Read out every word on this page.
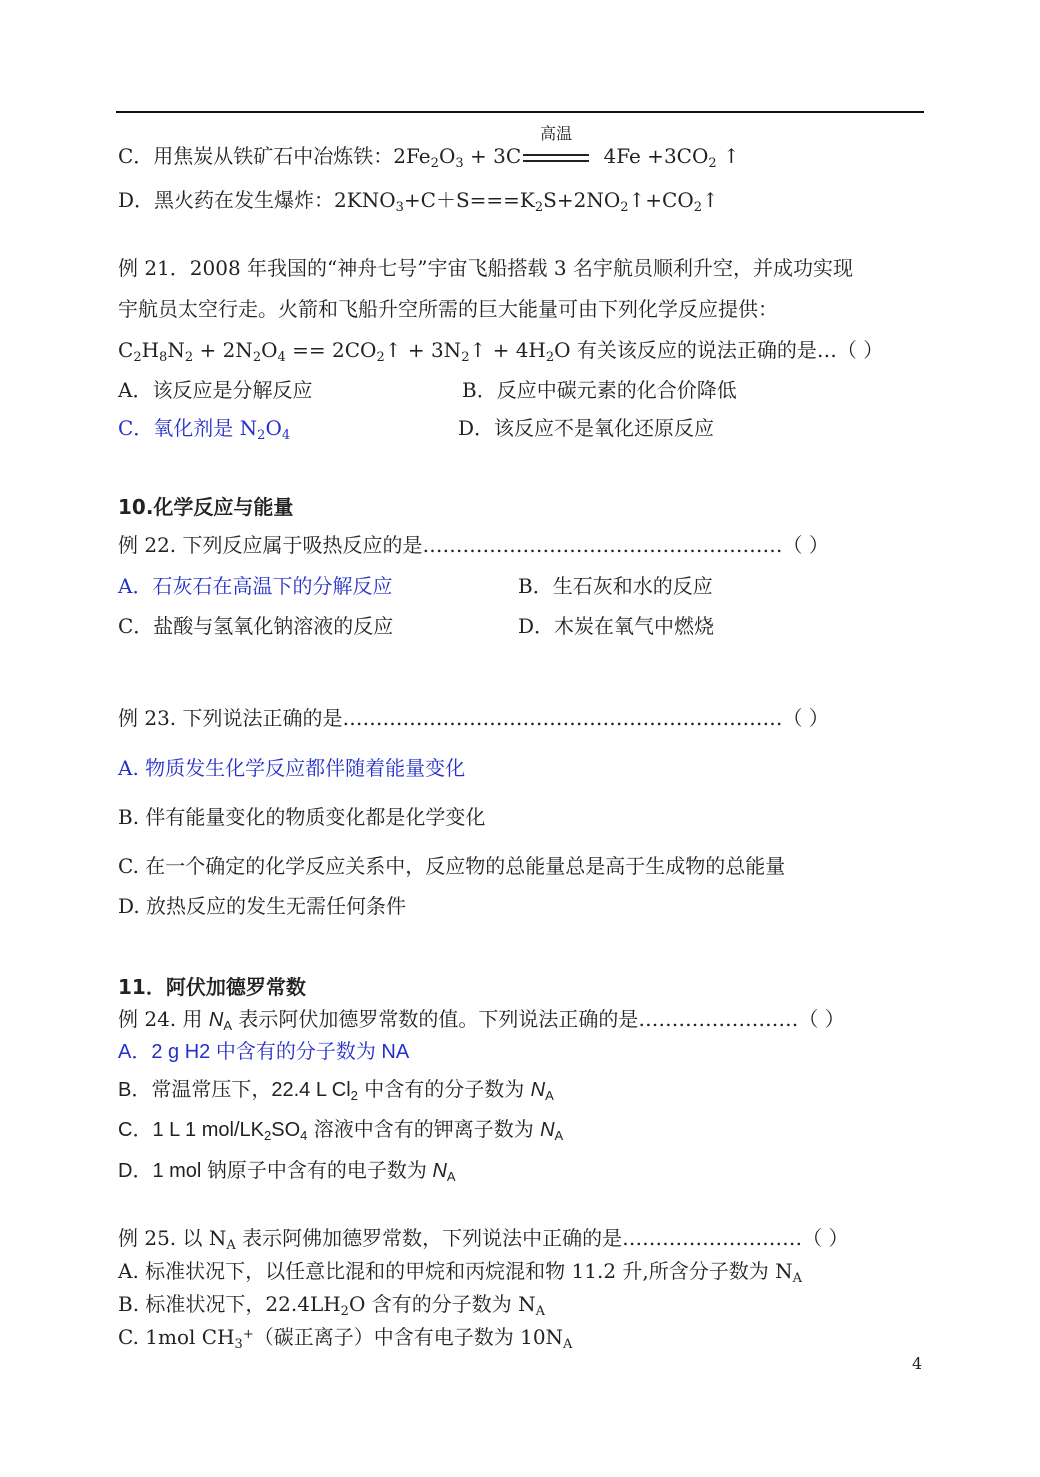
C．用焦炭从铁矿石中冶炼铁：$2Fe_2O_3 + 3C$
高温
$4Fe +3CO_2$ ↑
D．黑火药在发生爆炸：$2KNO_3+C+S===K_2S+2NO_2↑+CO_2↑$
例 21．2008 年我国的“神舟七号”宇宙飞船搭载 3 名宇航员顺利升空，并成功实现
宇航员太空行走。火箭和飞船升空所需的巨大能量可由下列化学反应提供：
$C_2H_8N_2 + 2N_2O_4$ == $2CO_2↑$ + $3N_2↑ + 4H_2O$ 有关该反应的说法正确的是…（ ）
A．该反应是分解反应	B．反应中碳元素的化合价降低
C．氧化剂是 $N_2O_4$	D．该反应不是氧化还原反应
10.化学反应与能量
例 22. 下列反应属于吸热反应的是………………………………………………（ ）
A．石灰石在高温下的分解反应	B．生石灰和水的反应
C．盐酸与氢氧化钠溶液的反应	D．木炭在氧气中燃烧
例 23. 下列说法正确的是…………………………………………………………（ ）
A. 物质发生化学反应都伴随着能量变化
B. 伴有能量变化的物质变化都是化学变化
C. 在一个确定的化学反应关系中，反应物的总能量总是高于生成物的总能量
D. 放热反应的发生无需任何条件
11．阿伏加德罗常数
例 24. 用 $N_A$ 表示阿伏加德罗常数的值。下列说法正确的是……………………（ ）
A．2 g H2 中含有的分子数为 NA
B．常温常压下，22.4 L $Cl_2$ 中含有的分子数为 $N_A$
C．1 L 1 mol/$LK_2SO_4$ 溶液中含有的钾离子数为 $N_A$
D．1 mol 钠原子中含有的电子数为 $N_A$
例 25. 以 $N_A$ 表示阿佛加德罗常数，下列说法中正确的是………………………（ ）
A. 标准状况下，以任意比混和的甲烷和丙烷混和物 11.2 升,所含分子数为 $N_A$
B. 标准状况下，$22.4LH_2O$ 含有的分子数为 $N_A$
C. 1mol $CH_3^+$（碳正离子）中含有电子数为 $10N_A$
4
